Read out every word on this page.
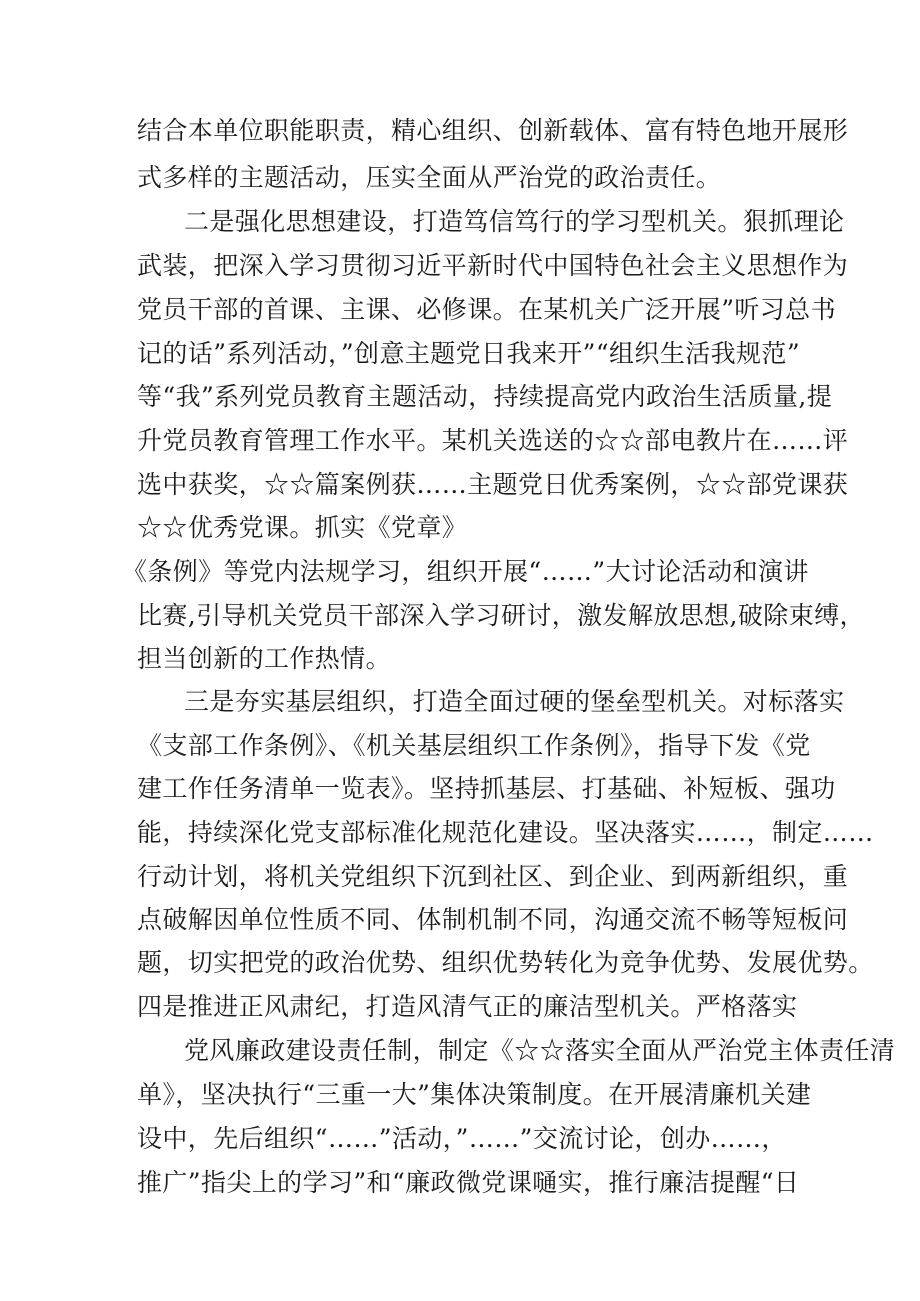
结合本单位职能职责，精心组织、创新载体、富有特色地开展形
式多样的主题活动，压实全面从严治党的政治责任。
二是强化思想建设，打造笃信笃行的学习型机关。狠抓理论
武装，把深入学习贯彻习近平新时代中国特色社会主义思想作为
党员干部的首课、主课、必修课。在某机关广泛开展”听习总书
记的话”系列活动，”创意主题党日我来开”“组织生活我规范”
等“我”系列党员教育主题活动，持续提高党内政治生活质量,提
升党员教育管理工作水平。某机关选送的☆☆部电教片在……评
选中获奖，☆☆篇案例获……主题党日优秀案例，☆☆部党课获
☆☆优秀党课。抓实《党章》
《条例》等党内法规学习，组织开展“……”大讨论活动和演讲
比赛,引导机关党员干部深入学习研讨，激发解放思想,破除束缚，
担当创新的工作热情。
三是夯实基层组织，打造全面过硬的堡垒型机关。对标落实
《支部工作条例》、《机关基层组织工作条例》，指导下发《党
建工作任务清单一览表》。坚持抓基层、打基础、补短板、强功
能，持续深化党支部标准化规范化建设。坚决落实……，制定……
行动计划，将机关党组织下沉到社区、到企业、到两新组织，重
点破解因单位性质不同、体制机制不同，沟通交流不畅等短板问
题，切实把党的政治优势、组织优势转化为竞争优势、发展优势。
四是推进正风肃纪，打造风清气正的廉洁型机关。严格落实
党风廉政建设责任制，制定《☆☆落实全面从严治党主体责任清
单》，坚决执行“三重一大”集体决策制度。在开展清廉机关建
设中，先后组织“……”活动，”……”交流讨论，创办……，
推广”指尖上的学习”和“廉政微党课嗵实，推行廉洁提醒“日
